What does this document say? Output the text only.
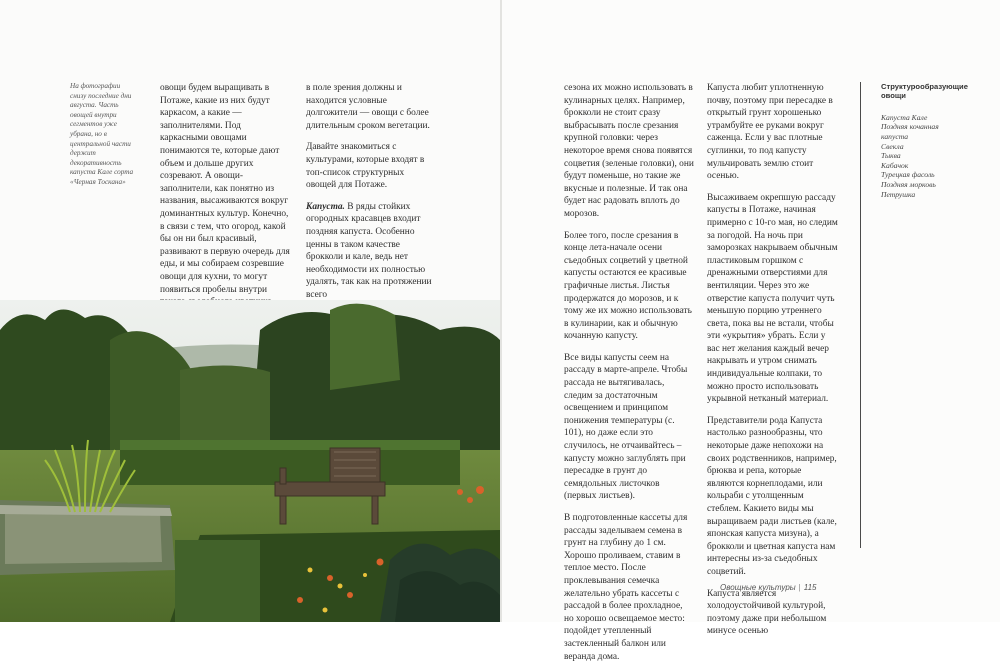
На фотографии снизу последние дни августа. Часть овощей внутри сегментов уже убрана, но в центральной части держит декоративность капуста Кале сорта «Черная Тоскана»

овощи будем выращивать в Потаже, какие из них будут каркасом, а какие — заполнителями. Под каркасными овощами понимаются те, которые дают объем и дольше других созревают. А овощи-заполнители, как понятно из названия, высаживаются вокруг доминантных культур. Конечно, в связи с тем, что огород, какой бы он ни был красивый, развивают в первую очередь для еды, и мы собираем созревшие овощи для кухни, то могут появиться пробелы внутри

в поле зрения должны и находится условные долгожители — овощи с более длительным сроком вегетации.

Давайте знакомиться с культурами, которые входят в топ-список структурных овощей для Потаже.

Капуста. В ряды стойких огородных красавцев входит поздняя капуста. Особенно ценны в таком качестве брокколи и кале, ведь нет необходимости их полностью удалять, так как на протяжении всего

сезона их можно использовать в кулинарных целях. Например, брокколи не стоит сразу выбрасывать после срезания крупной головки: через некоторое время снова появятся соцветия (зеленые головки), они будут поменьше, но такие же вкусные и полезные. И так она будет нас радовать вплоть до морозов.

Более того, после срезания в конце лета-начале осени съедобных соцветий у цветной капусты остаются ее красивые графичные листья. Листья продержатся до морозов, и к тому же их можно использовать в кулинарии, как и обычную кочанную капусту.

Все виды капусты сеем на рассаду в марте-апреле. Чтобы рассада не вытягивалась, следим за достаточным освещением и принципом понижения температуры (с. 101), но даже если это случилось, не отчаивайтесь – капусту можно заглублять при пересадке в грунт до семядольных листочков (первых листьев).

В подготовленные кассеты для рассады заделываем семена в грунт на глубину до 1 см. Хорошо проливаем, ставим в теплое место. После проклевывания семечка желательно убрать кассеты с рассадой в более прохладное, но хорошо освещаемое место: подойдет утепленный застекленный балкон или веранда дома.

Капуста любит уплотненную почву, поэтому при пересадке в открытый грунт хорошенько утрамбуйте ее руками вокруг саженца. Если у вас плотные суглинки, то под капусту мульчировать землю стоит осенью.

Высаживаем окрепшую рассаду капусты в Потаже, начиная примерно с 10-го мая, но следим за погодой. На ночь при заморозках накрываем обычным пластиковым горшком с дренажными отверстиями для вентиляции. Через это же отверстие капуста получит чуть меньшую порцию утреннего света, пока вы не встали, чтобы эти «укрытия» убрать. Если у вас нет желания каждый вечер накрывать и утром снимать индивидуальные колпаки, то можно просто использовать укрывной нетканый материал.

Представители рода Капуста настолько разнообразны, что некоторые даже непохожи на своих родственников, например, брюква и репа, которые являются корнеплодами, или кольраби с утолщенным стеблем. Какието виды мы выращиваем ради листьев (кале, японская капуста мизуна), а брокколи и цветная капуста нам интересны из-за съедобных соцветий.

Капуста является холодоустойчивой культурой, поэтому даже при небольшом минусе осенью

Структурообразующие овощи
Капуста Кале
Поздняя кочанная капуста
Свекла
Тыква
Кабачок
Турецкая фасоль
Поздняя морковь
Петрушка
Овощные культуры | 115
